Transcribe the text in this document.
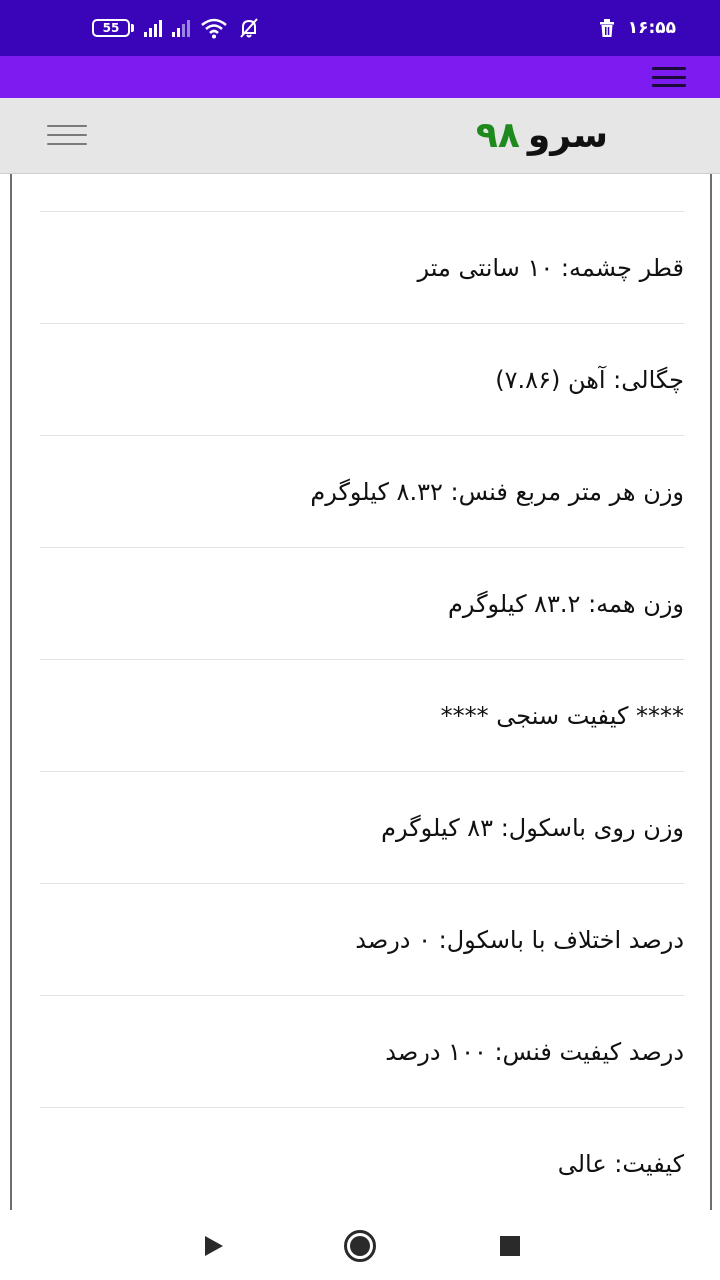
55	۱۶:۵۵
سرو۹۸
قطر چشمه: ۱۰ سانتی متر
چگالی: آهن (۷.۸۶)
وزن هر متر مربع فنس: ۸.۳۲ کیلوگرم
وزن همه: ۸۳.۲ کیلوگرم
**** کیفیت سنجی ****
وزن روی باسکول: ۸۳ کیلوگرم
درصد اختلاف با باسکول: ۰ درصد
درصد کیفیت فنس: ۱۰۰ درصد
کیفیت: عالی
